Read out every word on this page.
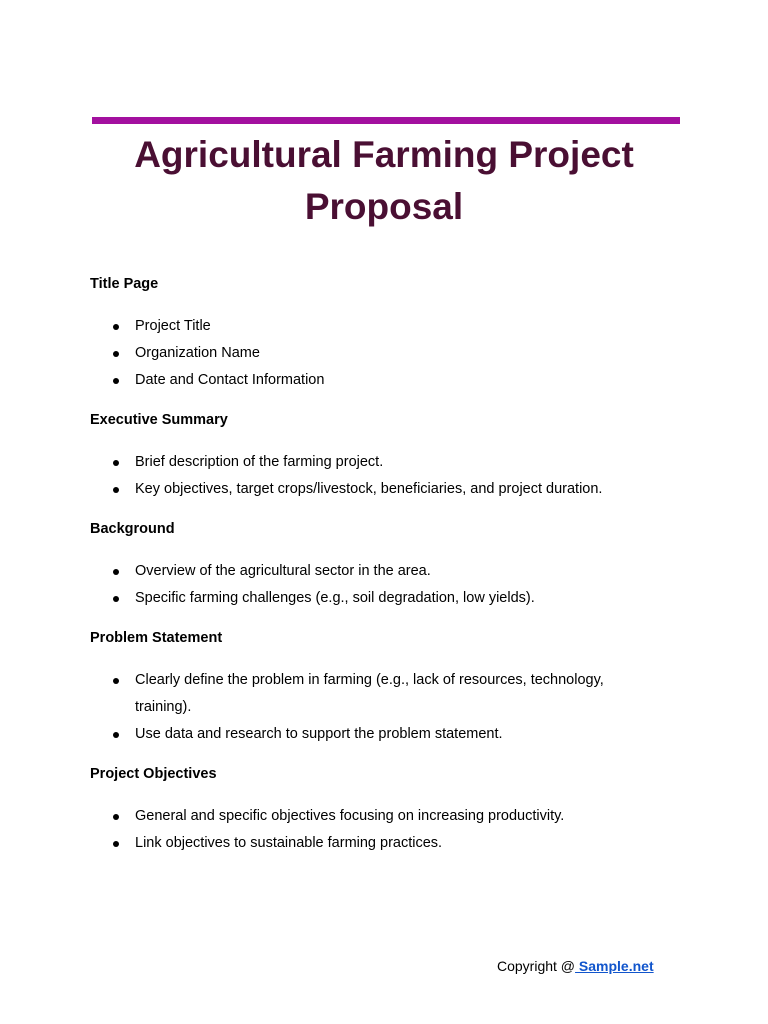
Agricultural Farming Project
Proposal
Title Page
Project Title
Organization Name
Date and Contact Information
Executive Summary
Brief description of the farming project.
Key objectives, target crops/livestock, beneficiaries, and project duration.
Background
Overview of the agricultural sector in the area.
Specific farming challenges (e.g., soil degradation, low yields).
Problem Statement
Clearly define the problem in farming (e.g., lack of resources, technology,
training).
Use data and research to support the problem statement.
Project Objectives
General and specific objectives focusing on increasing productivity.
Link objectives to sustainable farming practices.
Copyright @ Sample.net
